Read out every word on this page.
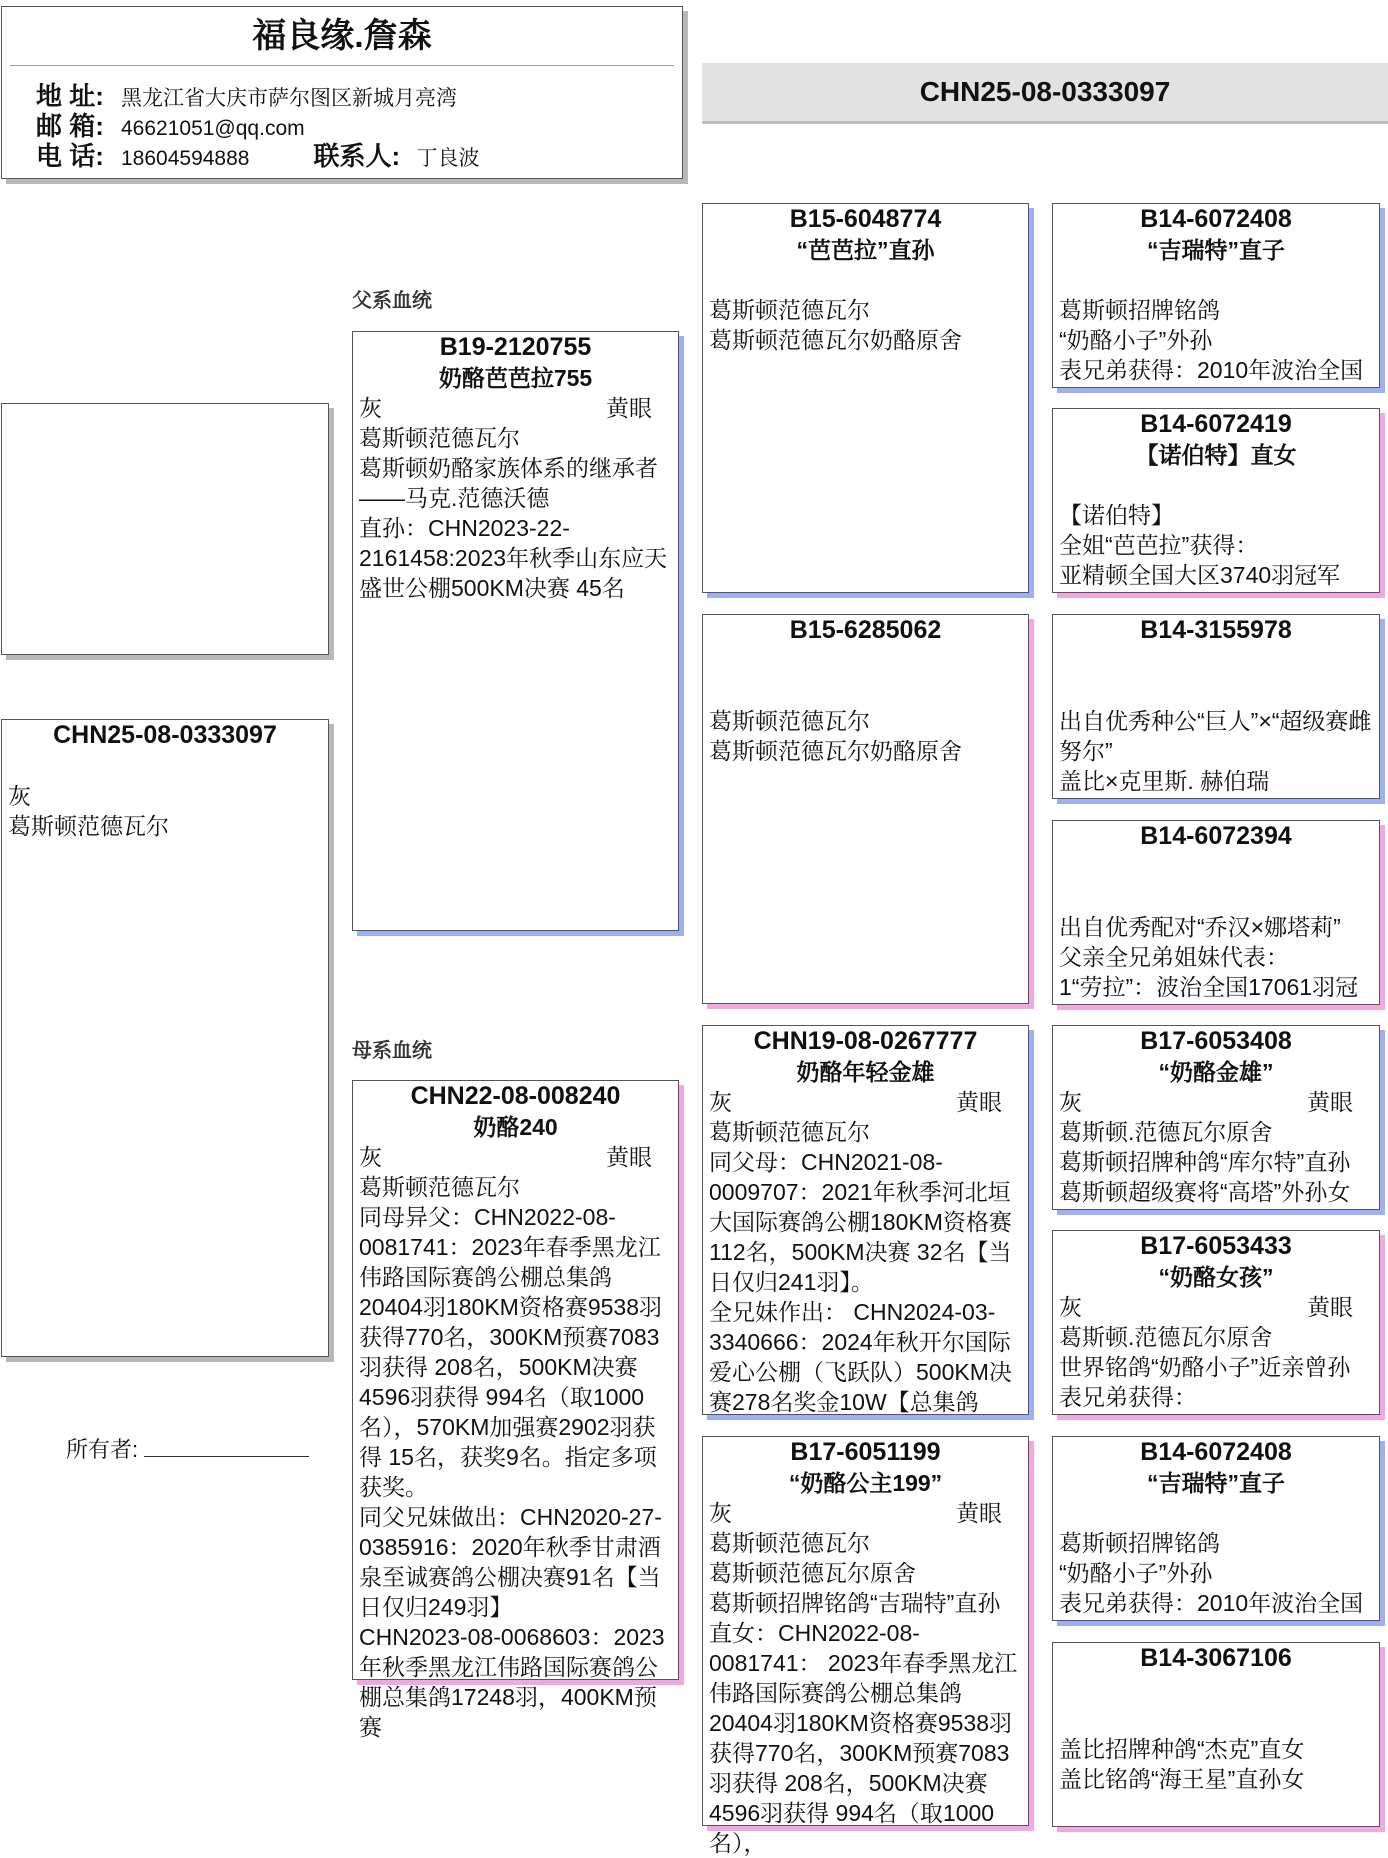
福良缘.詹森
地 址: 黑龙江省大庆市萨尔图区新城月亮湾
邮 箱: 46621051@qq.com
电 话: 18604594888 联系人: 丁良波
CHN25-08-0333097
父系血统
母系血统
CHN25-08-0333097
灰
葛斯顿范德瓦尔
所有者:
B19-2120755
奶酪芭芭拉755
灰	黄眼
葛斯顿范德瓦尔
葛斯顿奶酪家族体系的继承者——马克.范德沃德
直孙：CHN2023-22-2161458:2023年秋季山东应天盛世公棚500KM决赛 45名
CHN22-08-008240
奶酪240
灰	黄眼
葛斯顿范德瓦尔
同母异父：CHN2022-08-0081741：2023年春季黑龙江伟路国际赛鸽公棚总集鸽20404羽180KM资格赛9538羽获得770名，300KM预赛7083羽获得 208名，500KM决赛4596羽获得 994名（取1000名），570KM加强赛2902羽获得 15名，获奖9名。指定多项获奖。
同父兄妹做出：CHN2020-27-0385916：2020年秋季甘肃酒泉至诚赛鸽公棚决赛91名【当日仅归249羽】
CHN2023-08-0068603：2023年秋季黑龙江伟路国际赛鸽公棚总集鸽17248羽，400KM预赛
B15-6048774
“芭芭拉”直孙
葛斯顿范德瓦尔
葛斯顿范德瓦尔奶酪原舍
B15-6285062
葛斯顿范德瓦尔
葛斯顿范德瓦尔奶酪原舍
CHN19-08-0267777
奶酪年轻金雄
灰	黄眼
葛斯顿范德瓦尔
同父母：CHN2021-08-0009707：2021年秋季河北垣大国际赛鸽公棚180KM资格赛112名，500KM决赛 32名【当日仅归241羽】。
全兄妹作出： CHN2024-03-3340666：2024年秋开尔国际爱心公棚（飞跃队）500KM决赛278名奖金10W【总集鸽
B17-6051199
“奶酪公主199”
灰	黄眼
葛斯顿范德瓦尔
葛斯顿范德瓦尔原舍
葛斯顿招牌铭鸽“吉瑞特”直孙
直女：CHN2022-08-0081741： 2023年春季黑龙江伟路国际赛鸽公棚总集鸽20404羽180KM资格赛9538羽获得770名，300KM预赛7083羽获得 208名，500KM决赛4596羽获得 994名（取1000名），
B14-6072408
“吉瑞特”直子
葛斯顿招牌铭鸽
“奶酪小子”外孙
表兄弟获得：2010年波治全国
B14-6072419
【诺伯特】直女
【诺伯特】
全姐“芭芭拉”获得：
亚精顿全国大区3740羽冠军
B14-3155978
出自优秀种公“巨人”×“超级赛雌努尔”
盖比×克里斯. 赫伯瑞
B14-6072394
出自优秀配对“乔汉×娜塔莉”
父亲全兄弟姐妹代表：
1“劳拉”：波治全国17061羽冠
B17-6053408
“奶酪金雄”
灰	黄眼
葛斯顿.范德瓦尔原舍
葛斯顿招牌种鸽“库尔特”直孙
葛斯顿超级赛将“高塔”外孙女
B17-6053433
“奶酪女孩”
灰	黄眼
葛斯顿.范德瓦尔原舍
世界铭鸽“奶酪小子”近亲曾孙
表兄弟获得：
B14-6072408
“吉瑞特”直子
葛斯顿招牌铭鸽
“奶酪小子”外孙
表兄弟获得：2010年波治全国
B14-3067106
盖比招牌种鸽“杰克”直女
盖比铭鸽“海王星”直孙女
